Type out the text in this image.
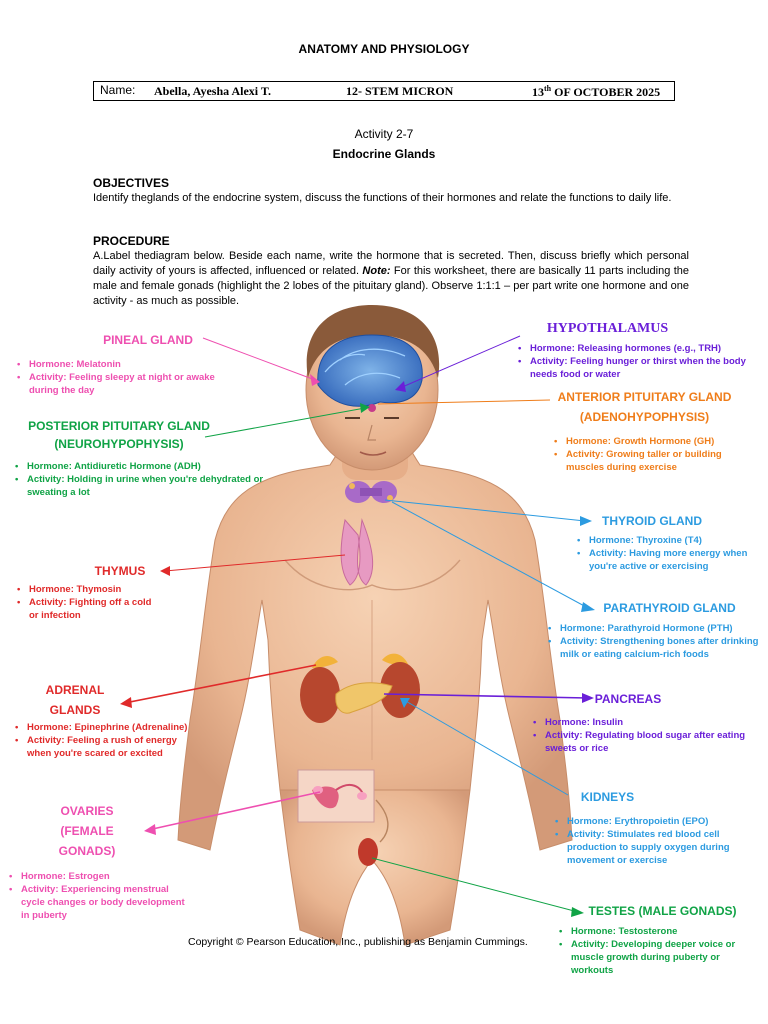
ANATOMY AND PHYSIOLOGY
Name: Abella, Ayesha Alexi T.	12- STEM MICRON	13th OF OCTOBER 2025
Activity 2-7
Endocrine Glands
OBJECTIVES
Identify theglands of the endocrine system, discuss the functions of their hormones and relate the functions to daily life.
PROCEDURE
A.Label thediagram below. Beside each name, write the hormone that is secreted. Then, discuss briefly which personal daily activity of yours is affected, influenced or related. Note: For this worksheet, there are basically 11 parts including the male and female gonads (highlight the 2 lobes of the pituitary gland). Observe 1:1:1 – per part write one hormone and one activity - as much as possible.
PINEAL GLAND
• Hormone: Melatonin
• Activity: Feeling sleepy at night or awake during the day
POSTERIOR PITUITARY GLAND
(NEUROHYPOPHYSIS)
• Hormone: Antidiuretic Hormone (ADH)
• Activity: Holding in urine when you're dehydrated or sweating a lot
THYMUS
• Hormone: Thymosin
• Activity: Fighting off a cold or infection
ADRENAL
GLANDS
• Hormone: Epinephrine (Adrenaline)
• Activity: Feeling a rush of energy when you're scared or excited
OVARIES
(FEMALE
GONADS)
• Hormone: Estrogen
• Activity: Experiencing menstrual cycle changes or body development in puberty
HYPOTHALAMUS
• Hormone: Releasing hormones (e.g., TRH)
• Activity: Feeling hunger or thirst when the body needs food or water
ANTERIOR PITUITARY GLAND
(ADENOHYPOPHYSIS)
• Hormone: Growth Hormone (GH)
• Activity: Growing taller or building muscles during exercise
THYROID GLAND
• Hormone: Thyroxine (T4)
• Activity: Having more energy when you're active or exercising
PARATHYROID GLAND
• Hormone: Parathyroid Hormone (PTH)
• Activity: Strengthening bones after drinking milk or eating calcium-rich foods
PANCREAS
• Hormone: Insulin
• Activity: Regulating blood sugar after eating sweets or rice
KIDNEYS
• Hormone: Erythropoietin (EPO)
• Activity: Stimulates red blood cell production to supply oxygen during movement or exercise
TESTES (MALE GONADS)
• Hormone: Testosterone
• Activity: Developing deeper voice or muscle growth during puberty or workouts
Copyright © Pearson Education, Inc., publishing as Benjamin Cummings.
